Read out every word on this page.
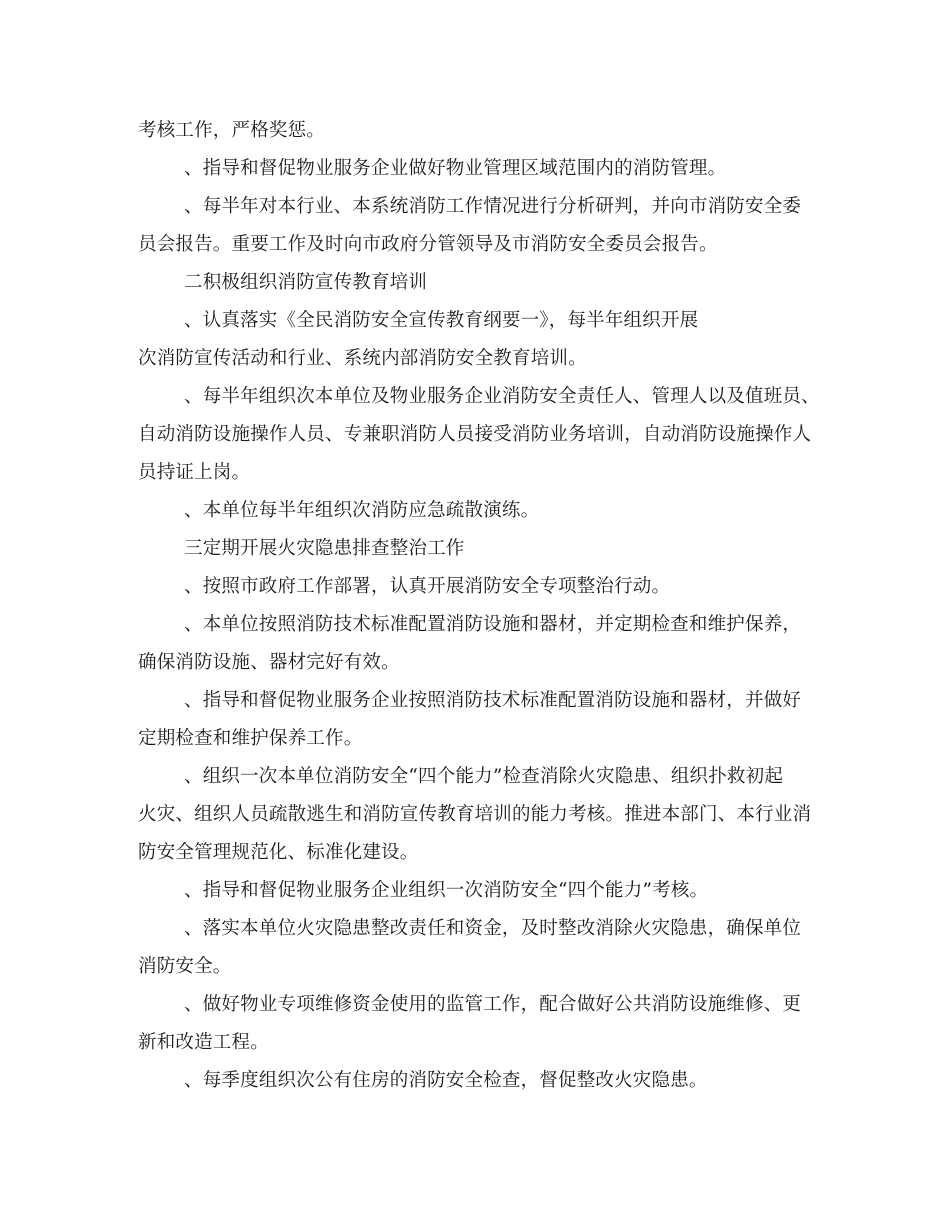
考核工作，严格奖惩。
、指导和督促物业服务企业做好物业管理区域范围内的消防管理。
、每半年对本行业、本系统消防工作情况进行分析研判，并向市消防安全委
员会报告。重要工作及时向市政府分管领导及市消防安全委员会报告。
二积极组织消防宣传教育培训
、认真落实《全民消防安全宣传教育纲要一》，每半年组织开展
次消防宣传活动和行业、系统内部消防安全教育培训。
、每半年组织次本单位及物业服务企业消防安全责任人、管理人以及值班员、
自动消防设施操作人员、专兼职消防人员接受消防业务培训，自动消防设施操作人
员持证上岗。
、本单位每半年组织次消防应急疏散演练。
三定期开展火灾隐患排查整治工作
、按照市政府工作部署，认真开展消防安全专项整治行动。
、本单位按照消防技术标准配置消防设施和器材，并定期检查和维护保养，
确保消防设施、器材完好有效。
、指导和督促物业服务企业按照消防技术标准配置消防设施和器材，并做好
定期检查和维护保养工作。
、组织一次本单位消防安全“四个能力”检查消除火灾隐患、组织扑救初起
火灾、组织人员疏散逃生和消防宣传教育培训的能力考核。推进本部门、本行业消
防安全管理规范化、标准化建设。
、指导和督促物业服务企业组织一次消防安全“四个能力”考核。
、落实本单位火灾隐患整改责任和资金，及时整改消除火灾隐患，确保单位
消防安全。
、做好物业专项维修资金使用的监管工作，配合做好公共消防设施维修、更
新和改造工程。
、每季度组织次公有住房的消防安全检查，督促整改火灾隐患。
